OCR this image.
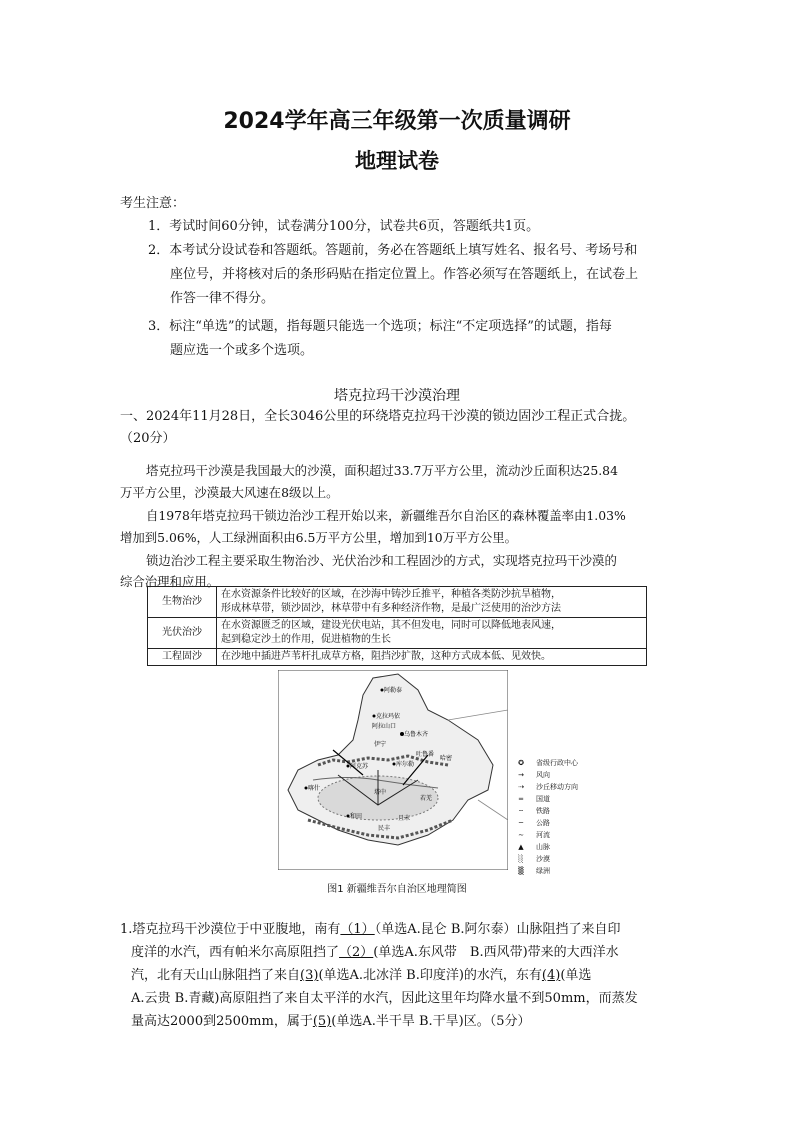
2024学年高三年级第一次质量调研
地理试卷
考生注意：
1．考试时间60分钟，试卷满分100分，试卷共6页，答题纸共1页。
2．本考试分设试卷和答题纸。答题前，务必在答题纸上填写姓名、报名号、考场号和
座位号，并将核对后的条形码贴在指定位置上。作答必须写在答题纸上，在试卷上
作答一律不得分。
3．标注“单选”的试题，指每题只能选一个选项；标注“不定项选择”的试题，指每
题应选一个或多个选项。
塔克拉玛干沙漠治理
一、2024年11月28日，全长3046公里的环绕塔克拉玛干沙漠的锁边固沙工程正式合拢。
（20分）
塔克拉玛干沙漠是我国最大的沙漠，面积超过33.7万平方公里，流动沙丘面积达25.84
万平方公里，沙漠最大风速在8级以上。
自1978年塔克拉玛干锁边治沙工程开始以来，新疆维吾尔自治区的森林覆盖率由1.03%
增加到5.06%，人工绿洲面积由6.5万平方公里，增加到10万平方公里。
锁边治沙工程主要采取生物治沙、光伏治沙和工程固沙的方式，实现塔克拉玛干沙漠的
综合治理和应用。
生物治沙	在水资源条件比较好的区域，在沙海中铸沙丘推平，种植各类防沙抗旱植物，
形成林草带，锁沙固沙，林草带中有多种经济作物，是最广泛使用的治沙方法

光伏治沙	在水资源匮乏的区域，建设光伏电站，其不但发电，同时可以降低地表风速，
起到稳定沙土的作用，促进植物的生长

工程固沙	在沙地中插进芦苇杆扎成草方格，阻挡沙扩散，这种方式成本低、见效快。
阿勒泰
克拉玛依
阿拉山口
乌鲁木齐
伊宁
库尔勒
阿克苏
喀什
和田	且末
若羌
哈密
吐鲁番
塔中
民丰
✪ 省级行政中心
→ 风向
⇢ 沙丘移动方向
═ 国道
╌ 铁路
─ 公路
∼ 河流
▲ 山脉
░ 沙漠
▒ 绿洲
图1 新疆维吾尔自治区地理简图
1.塔克拉玛干沙漠位于中亚腹地，南有（1）（单选A.昆仑 B.阿尔泰）山脉阻挡了来自印
度洋的水汽，西有帕米尔高原阻挡了（2）(单选A.东风带　B.西风带)带来的大西洋水
汽，北有天山山脉阻挡了来自(3)(单选A.北冰洋 B.印度洋)的水汽，东有(4)(单选
A.云贵 B.青藏)高原阻挡了来自太平洋的水汽，因此这里年均降水量不到50mm，而蒸发
量高达2000到2500mm，属于(5)(单选A.半干旱 B.干旱)区。（5分）
